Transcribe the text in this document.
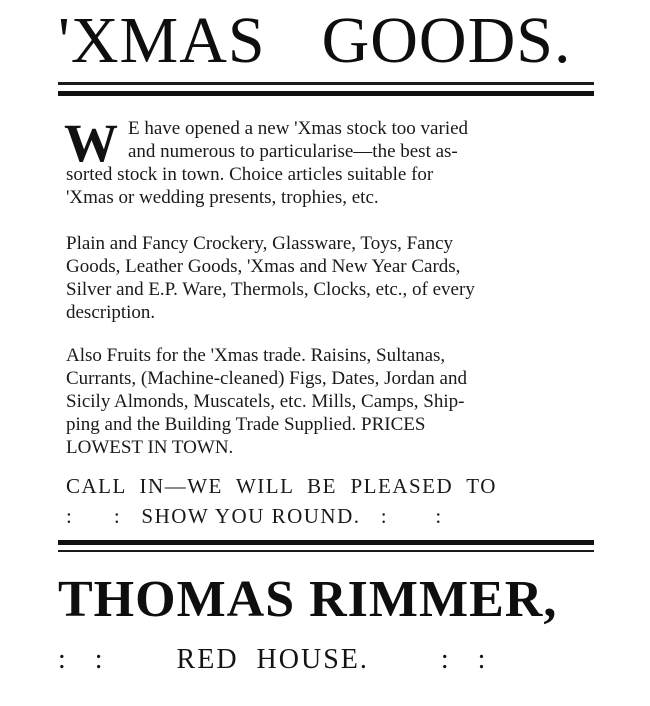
'XMAS GOODS.
W E have opened a new 'Xmas stock too varied
and numerous to particularise—the best as-
sorted stock in town. Choice articles suitable for
'Xmas or wedding presents, trophies, etc.
Plain and Fancy Crockery, Glassware, Toys, Fancy
Goods, Leather Goods, 'Xmas and New Year Cards,
Silver and E.P. Ware, Thermols, Clocks, etc., of every
description.
Also Fruits for the 'Xmas trade. Raisins, Sultanas,
Currants, (Machine-cleaned) Figs, Dates, Jordan and
Sicily Almonds, Muscatels, etc. Mills, Camps, Ship-
ping and the Building Trade Supplied. PRICES
LOWEST IN TOWN.
CALL  IN—WE  WILL  BE  PLEASED  TO
:      :   SHOW YOU ROUND.   :       :
THOMAS RIMMER,
:   :        RED  HOUSE.        :   :
